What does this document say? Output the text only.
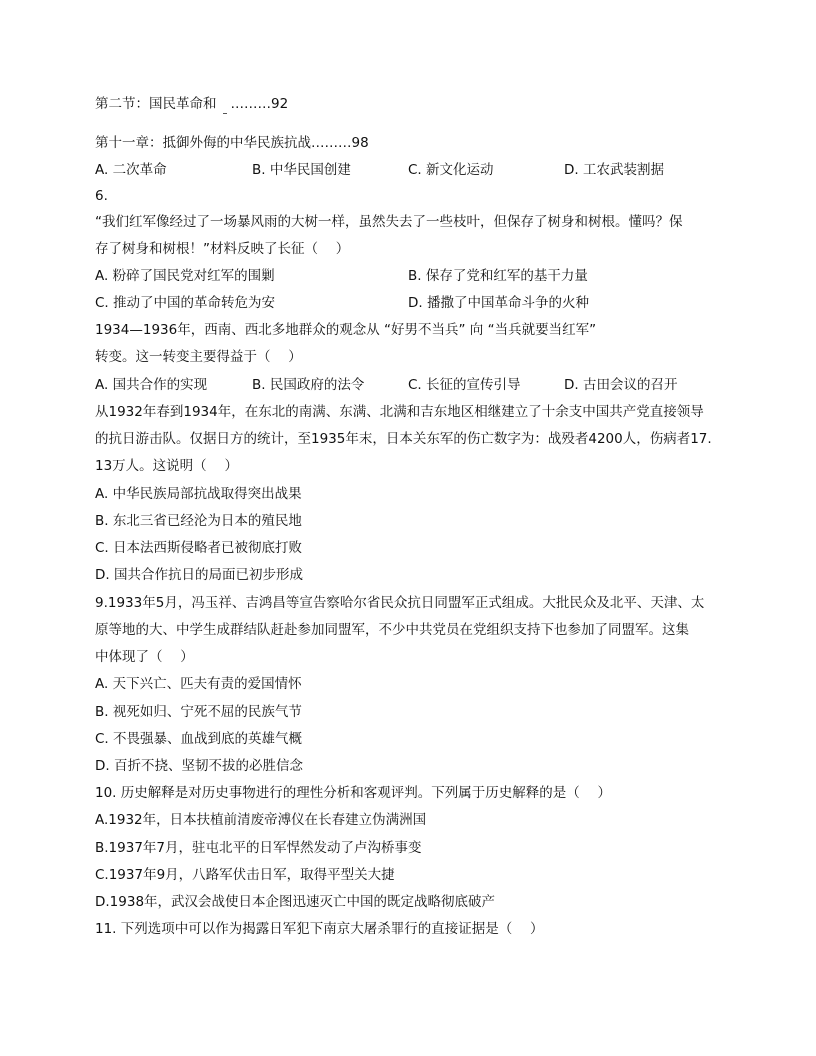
第二节：国民革命和 ………92
第十一章：抵御外侮的中华民族抗战………98
A. 二次革命	B. 中华民国创建	C. 新文化运动	D. 工农武装割据
6.
“我们红军像经过了一场暴风雨的大树一样，虽然失去了一些枝叶，但保存了树身和树根。懂吗？保
存了树身和树根！”材料反映了长征（　 ）
A. 粉碎了国民党对红军的围剿	B. 保存了党和红军的基干力量
C. 推动了中国的革命转危为安	D. 播撒了中国革命斗争的火种
1934—1936年，西南、西北多地群众的观念从 “好男不当兵” 向 “当兵就要当红军”
转变。这一转变主要得益于（　 ）
A. 国共合作的实现	B. 民国政府的法令	C. 长征的宣传引导	D. 古田会议的召开
从1932年春到1934年，在东北的南满、东满、北满和吉东地区相继建立了十余支中国共产党直接领导
的抗日游击队。仅据日方的统计，至1935年末，日本关东军的伤亡数字为：战殁者4200人，伤病者17.
13万人。这说明（　 ）
A. 中华民族局部抗战取得突出战果
B. 东北三省已经沦为日本的殖民地
C. 日本法西斯侵略者已被彻底打败
D. 国共合作抗日的局面已初步形成
9.1933年5月，冯玉祥、吉鸿昌等宣告察哈尔省民众抗日同盟军正式组成。大批民众及北平、天津、太
原等地的大、中学生成群结队赶赴参加同盟军，不少中共党员在党组织支持下也参加了同盟军。这集
中体现了（　 ）
A. 天下兴亡、匹夫有责的爱国情怀
B. 视死如归、宁死不屈的民族气节
C. 不畏强暴、血战到底的英雄气概
D. 百折不挠、坚韧不拔的必胜信念
10. 历史解释是对历史事物进行的理性分析和客观评判。下列属于历史解释的是（　 ）
A.1932年，日本扶植前清废帝溥仪在长春建立伪满洲国
B.1937年7月，驻屯北平的日军悍然发动了卢沟桥事变
C.1937年9月，八路军伏击日军，取得平型关大捷
D.1938年，武汉会战使日本企图迅速灭亡中国的既定战略彻底破产
11. 下列选项中可以作为揭露日军犯下南京大屠杀罪行的直接证据是（　 ）
